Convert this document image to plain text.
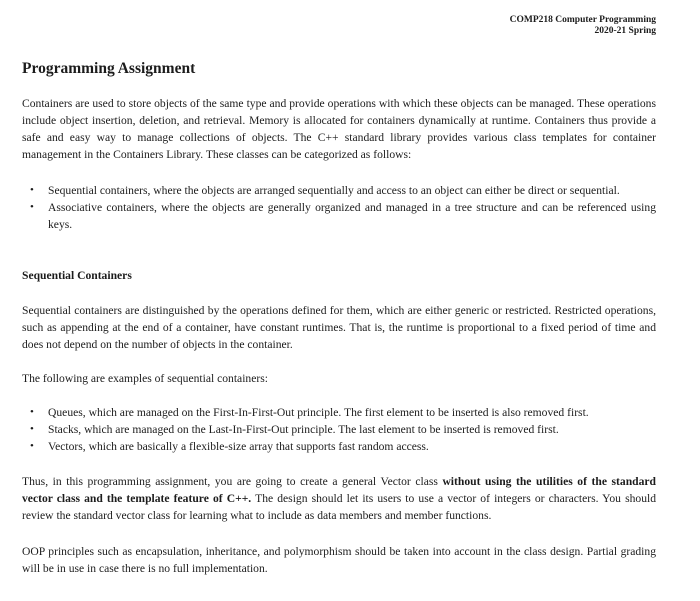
COMP218 Computer Programming
2020-21 Spring
Programming Assignment

Containers are used to store objects of the same type and provide operations with which these objects can be managed. These operations include object insertion, deletion, and retrieval. Memory is allocated for containers dynamically at runtime. Containers thus provide a safe and easy way to manage collections of objects. The C++ standard library provides various class templates for container management in the Containers Library. These classes can be categorized as follows:

• Sequential containers, where the objects are arranged sequentially and access to an object can either be direct or sequential.
• Associative containers, where the objects are generally organized and managed in a tree structure and can be referenced using keys.
Sequential Containers

Sequential containers are distinguished by the operations defined for them, which are either generic or restricted. Restricted operations, such as appending at the end of a container, have constant runtimes. That is, the runtime is proportional to a fixed period of time and does not depend on the number of objects in the container.

The following are examples of sequential containers:

• Queues, which are managed on the First-In-First-Out principle. The first element to be inserted is also removed first.
• Stacks, which are managed on the Last-In-First-Out principle. The last element to be inserted is removed first.
• Vectors, which are basically a flexible-size array that supports fast random access.

Thus, in this programming assignment, you are going to create a general Vector class without using the utilities of the standard vector class and the template feature of C++. The design should let its users to use a vector of integers or characters. You should review the standard vector class for learning what to include as data members and member functions.

OOP principles such as encapsulation, inheritance, and polymorphism should be taken into account in the class design. Partial grading will be in use in case there is no full implementation.
